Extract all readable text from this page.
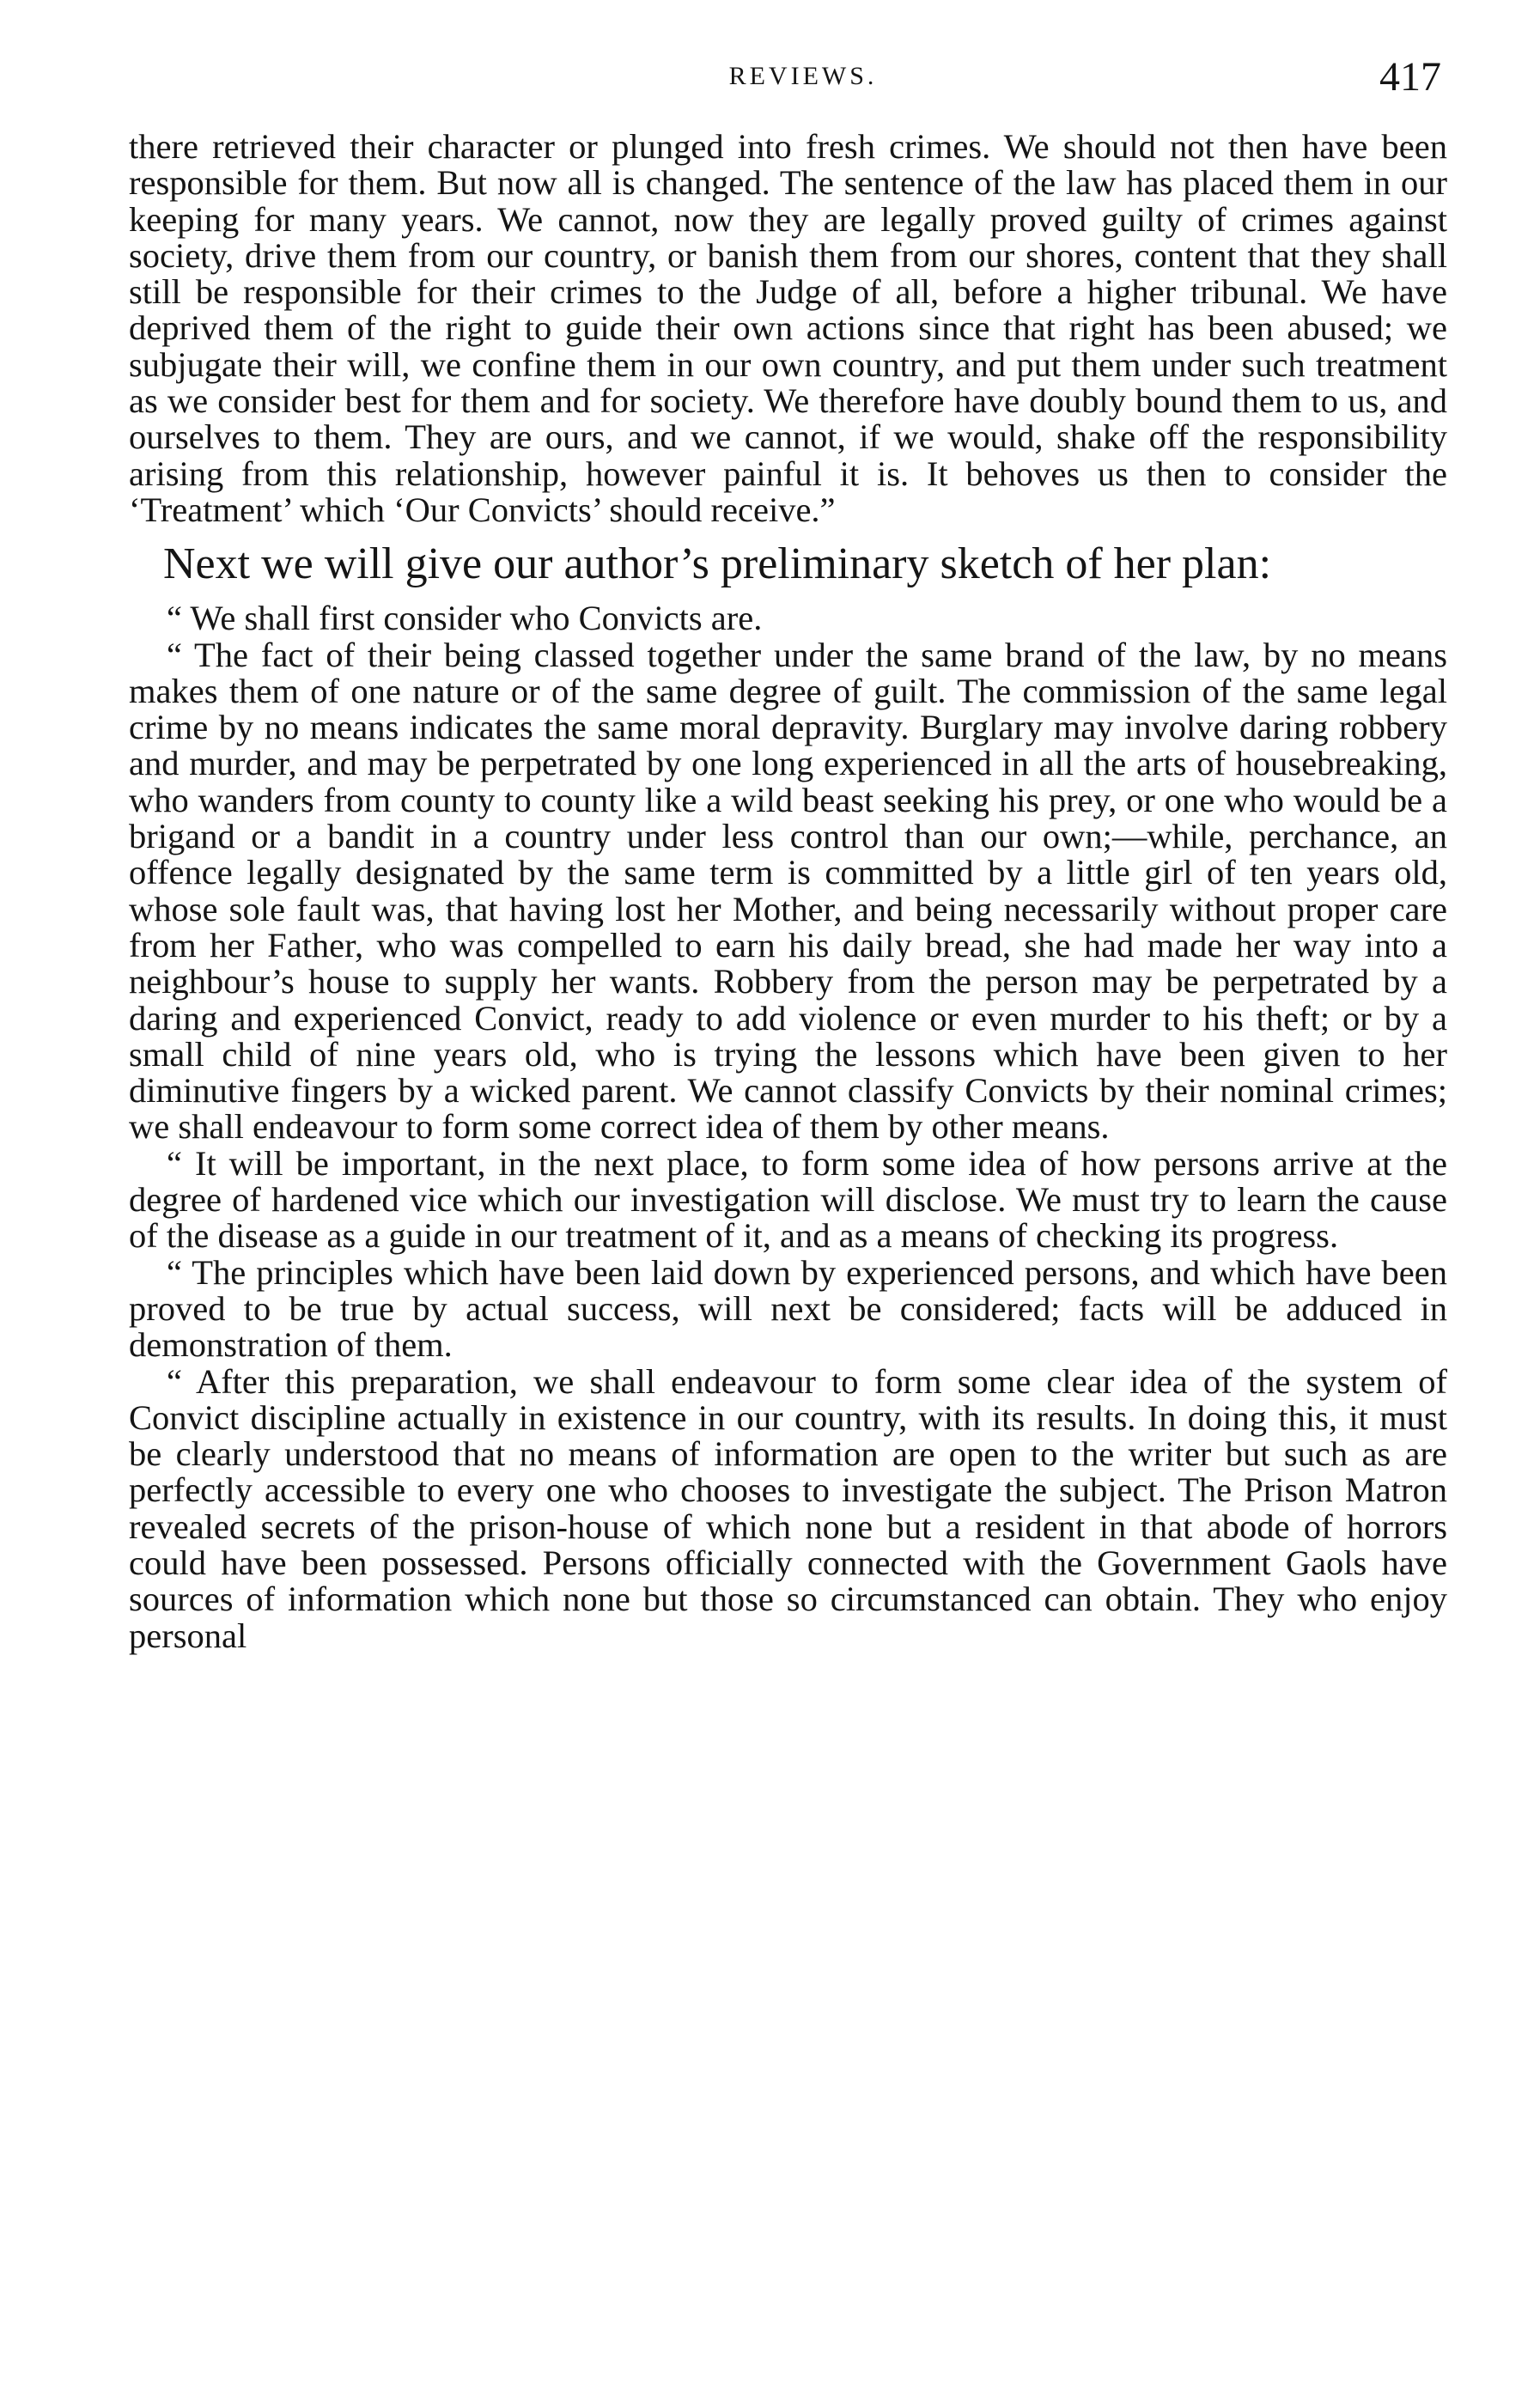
REVIEWS.	417

there retrieved their character or plunged into fresh crimes. We should not then have been responsible for them. But now all is changed. The sentence of the law has placed them in our keeping for many years. We cannot, now they are legally proved guilty of crimes against society, drive them from our country, or banish them from our shores, content that they shall still be responsible for their crimes to the Judge of all, before a higher tribunal. We have deprived them of the right to guide their own actions since that right has been abused; we subjugate their will, we confine them in our own country, and put them under such treatment as we consider best for them and for society. We therefore have doubly bound them to us, and ourselves to them. They are ours, and we cannot, if we would, shake off the responsibility arising from this relationship, however painful it is. It behoves us then to consider the ‘Treatment’ which ‘Our Convicts’ should receive.”

Next we will give our author’s preliminary sketch of her plan:

“ We shall first consider who Convicts are.

“ The fact of their being classed together under the same brand of the law, by no means makes them of one nature or of the same degree of guilt. The commission of the same legal crime by no means indicates the same moral depravity. Burglary may involve daring robbery and murder, and may be perpetrated by one long experienced in all the arts of housebreaking, who wanders from county to county like a wild beast seeking his prey, or one who would be a brigand or a bandit in a country under less control than our own;—while, perchance, an offence legally designated by the same term is committed by a little girl of ten years old, whose sole fault was, that having lost her Mother, and being necessarily without proper care from her Father, who was compelled to earn his daily bread, she had made her way into a neighbour’s house to supply her wants. Robbery from the person may be perpetrated by a daring and experienced Convict, ready to add violence or even murder to his theft; or by a small child of nine years old, who is trying the lessons which have been given to her diminutive fingers by a wicked parent. We cannot classify Convicts by their nominal crimes; we shall endeavour to form some correct idea of them by other means.

“ It will be important, in the next place, to form some idea of how persons arrive at the degree of hardened vice which our investigation will disclose. We must try to learn the cause of the disease as a guide in our treatment of it, and as a means of checking its progress.

“ The principles which have been laid down by experienced persons, and which have been proved to be true by actual success, will next be considered; facts will be adduced in demonstration of them.

“ After this preparation, we shall endeavour to form some clear idea of the system of Convict discipline actually in existence in our country, with its results. In doing this, it must be clearly understood that no means of information are open to the writer but such as are perfectly accessible to every one who chooses to investigate the subject. The Prison Matron revealed secrets of the prison-house of which none but a resident in that abode of horrors could have been possessed. Persons officially connected with the Government Gaols have sources of information which none but those so circumstanced can obtain. They who enjoy personal
